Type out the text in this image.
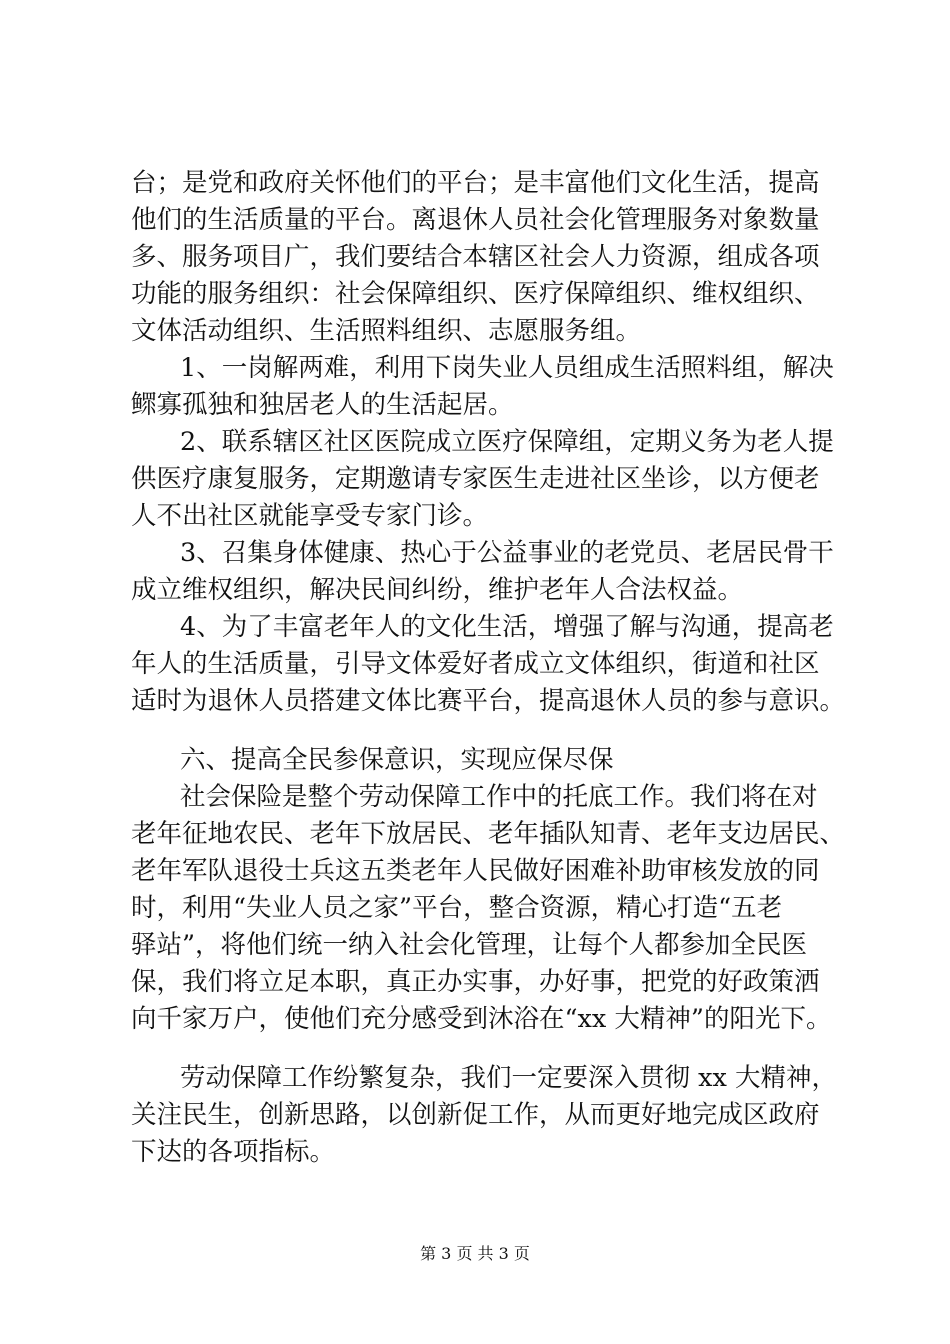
台；是党和政府关怀他们的平台；是丰富他们文化生活，提高
他们的生活质量的平台。离退休人员社会化管理服务对象数量
多、服务项目广，我们要结合本辖区社会人力资源，组成各项
功能的服务组织：社会保障组织、医疗保障组织、维权组织、
文体活动组织、生活照料组织、志愿服务组。
1、一岗解两难，利用下岗失业人员组成生活照料组，解决
鳏寡孤独和独居老人的生活起居。
2、联系辖区社区医院成立医疗保障组，定期义务为老人提
供医疗康复服务，定期邀请专家医生走进社区坐诊，以方便老
人不出社区就能享受专家门诊。
3、召集身体健康、热心于公益事业的老党员、老居民骨干
成立维权组织，解决民间纠纷，维护老年人合法权益。
4、为了丰富老年人的文化生活，增强了解与沟通，提高老
年人的生活质量，引导文体爱好者成立文体组织，街道和社区
适时为退休人员搭建文体比赛平台，提高退休人员的参与意识。
六、提高全民参保意识，实现应保尽保
社会保险是整个劳动保障工作中的托底工作。我们将在对
老年征地农民、老年下放居民、老年插队知青、老年支边居民、
老年军队退役士兵这五类老年人民做好困难补助审核发放的同
时，利用“失业人员之家”平台，整合资源，精心打造“五老
驿站”，将他们统一纳入社会化管理，让每个人都参加全民医
保，我们将立足本职，真正办实事，办好事，把党的好政策洒
向千家万户，使他们充分感受到沐浴在“xx 大精神”的阳光下。
劳动保障工作纷繁复杂，我们一定要深入贯彻 xx 大精神，
关注民生，创新思路，以创新促工作，从而更好地完成区政府
下达的各项指标。
第 3 页 共 3 页
